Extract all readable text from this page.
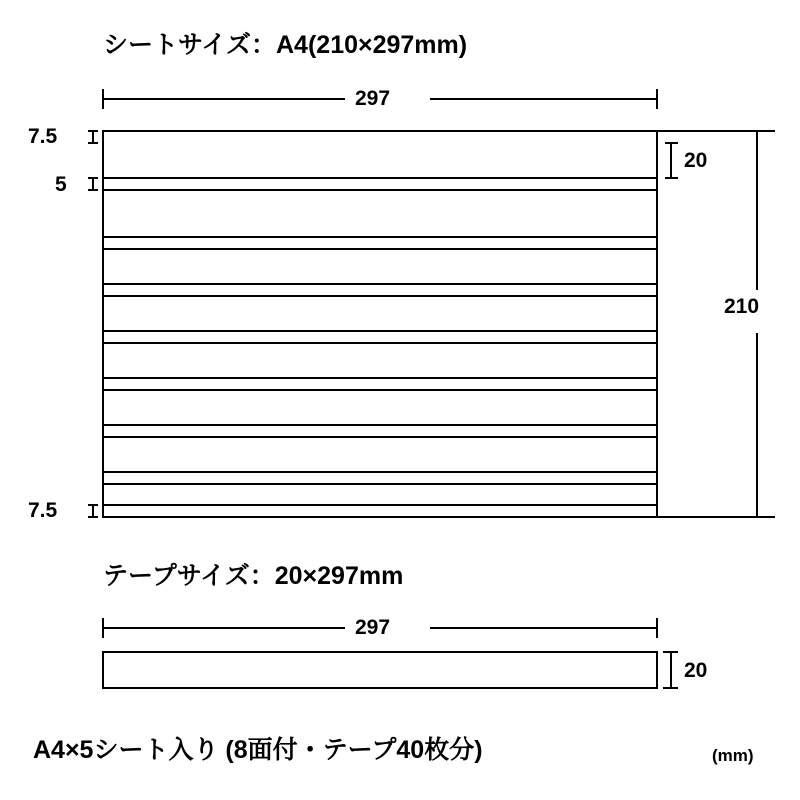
シートサイズ：A4(210×297mm)
297
7.5
5
7.5
20
210
テープサイズ：20×297mm
297
20
A4×5シート入り (8面付・テープ40枚分)	(mm)
